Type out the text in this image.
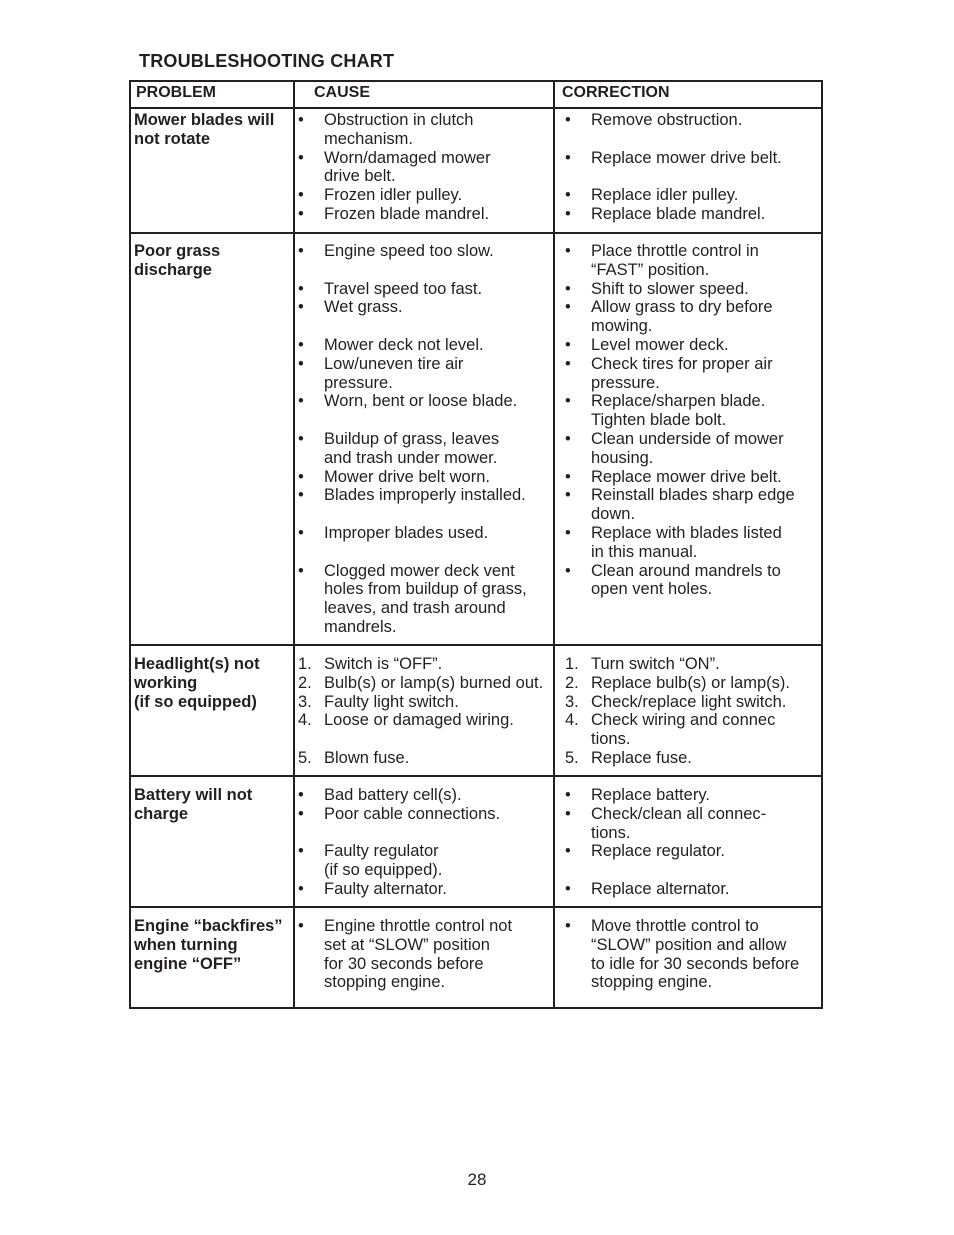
TROUBLESHOOTING CHART
PROBLEM	CAUSE	CORRECTION
Mower blades will
not rotate
Poor grass
discharge
Headlight(s) not
working
(if so equipped)
Battery will not
charge
Engine “backfires”
when turning
engine “OFF”
• Obstruction in clutch
mechanism.
• Worn/damaged mower
drive belt.
• Frozen idler pulley.
• Frozen blade mandrel.
• Remove obstruction.
• Replace mower drive belt.
• Replace idler pulley.
• Replace blade mandrel.
• Engine speed too slow.
• Travel speed too fast.
• Wet grass.
• Mower deck not level.
• Low/uneven tire air
pressure.
• Worn, bent or loose blade.
• Buildup of grass, leaves
and trash under mower.
• Mower drive belt worn.
• Blades improperly installed.
• Improper blades used.
• Clogged mower deck vent
holes from buildup of grass,
leaves, and trash around
mandrels.
• Place throttle control in
“FAST” position.
• Shift to slower speed.
• Allow grass to dry before
mowing.
• Level mower deck.
• Check tires for proper air
pressure.
• Replace/sharpen blade.
Tighten blade bolt.
• Clean underside of mower
housing.
• Replace mower drive belt.
• Reinstall blades sharp edge
down.
• Replace with blades listed
in this manual.
• Clean around mandrels to
open vent holes.
1. Switch is “OFF”.
2. Bulb(s) or lamp(s) burned out.
3. Faulty light switch.
4. Loose or damaged wiring.
5. Blown fuse.
1. Turn switch “ON”.
2. Replace bulb(s) or lamp(s).
3. Check/replace light switch.
4. Check wiring and connec
tions.
5. Replace fuse.
• Bad battery cell(s).
• Poor cable connections.
• Faulty regulator
(if so equipped).
• Faulty alternator.
• Replace battery.
• Check/clean all connec-
tions.
• Replace regulator.
• Replace alternator.
• Engine throttle control not
set at “SLOW” position
for 30 seconds before
stopping engine.
• Move throttle control to
“SLOW” position and allow
to idle for 30 seconds before
stopping engine.
28
